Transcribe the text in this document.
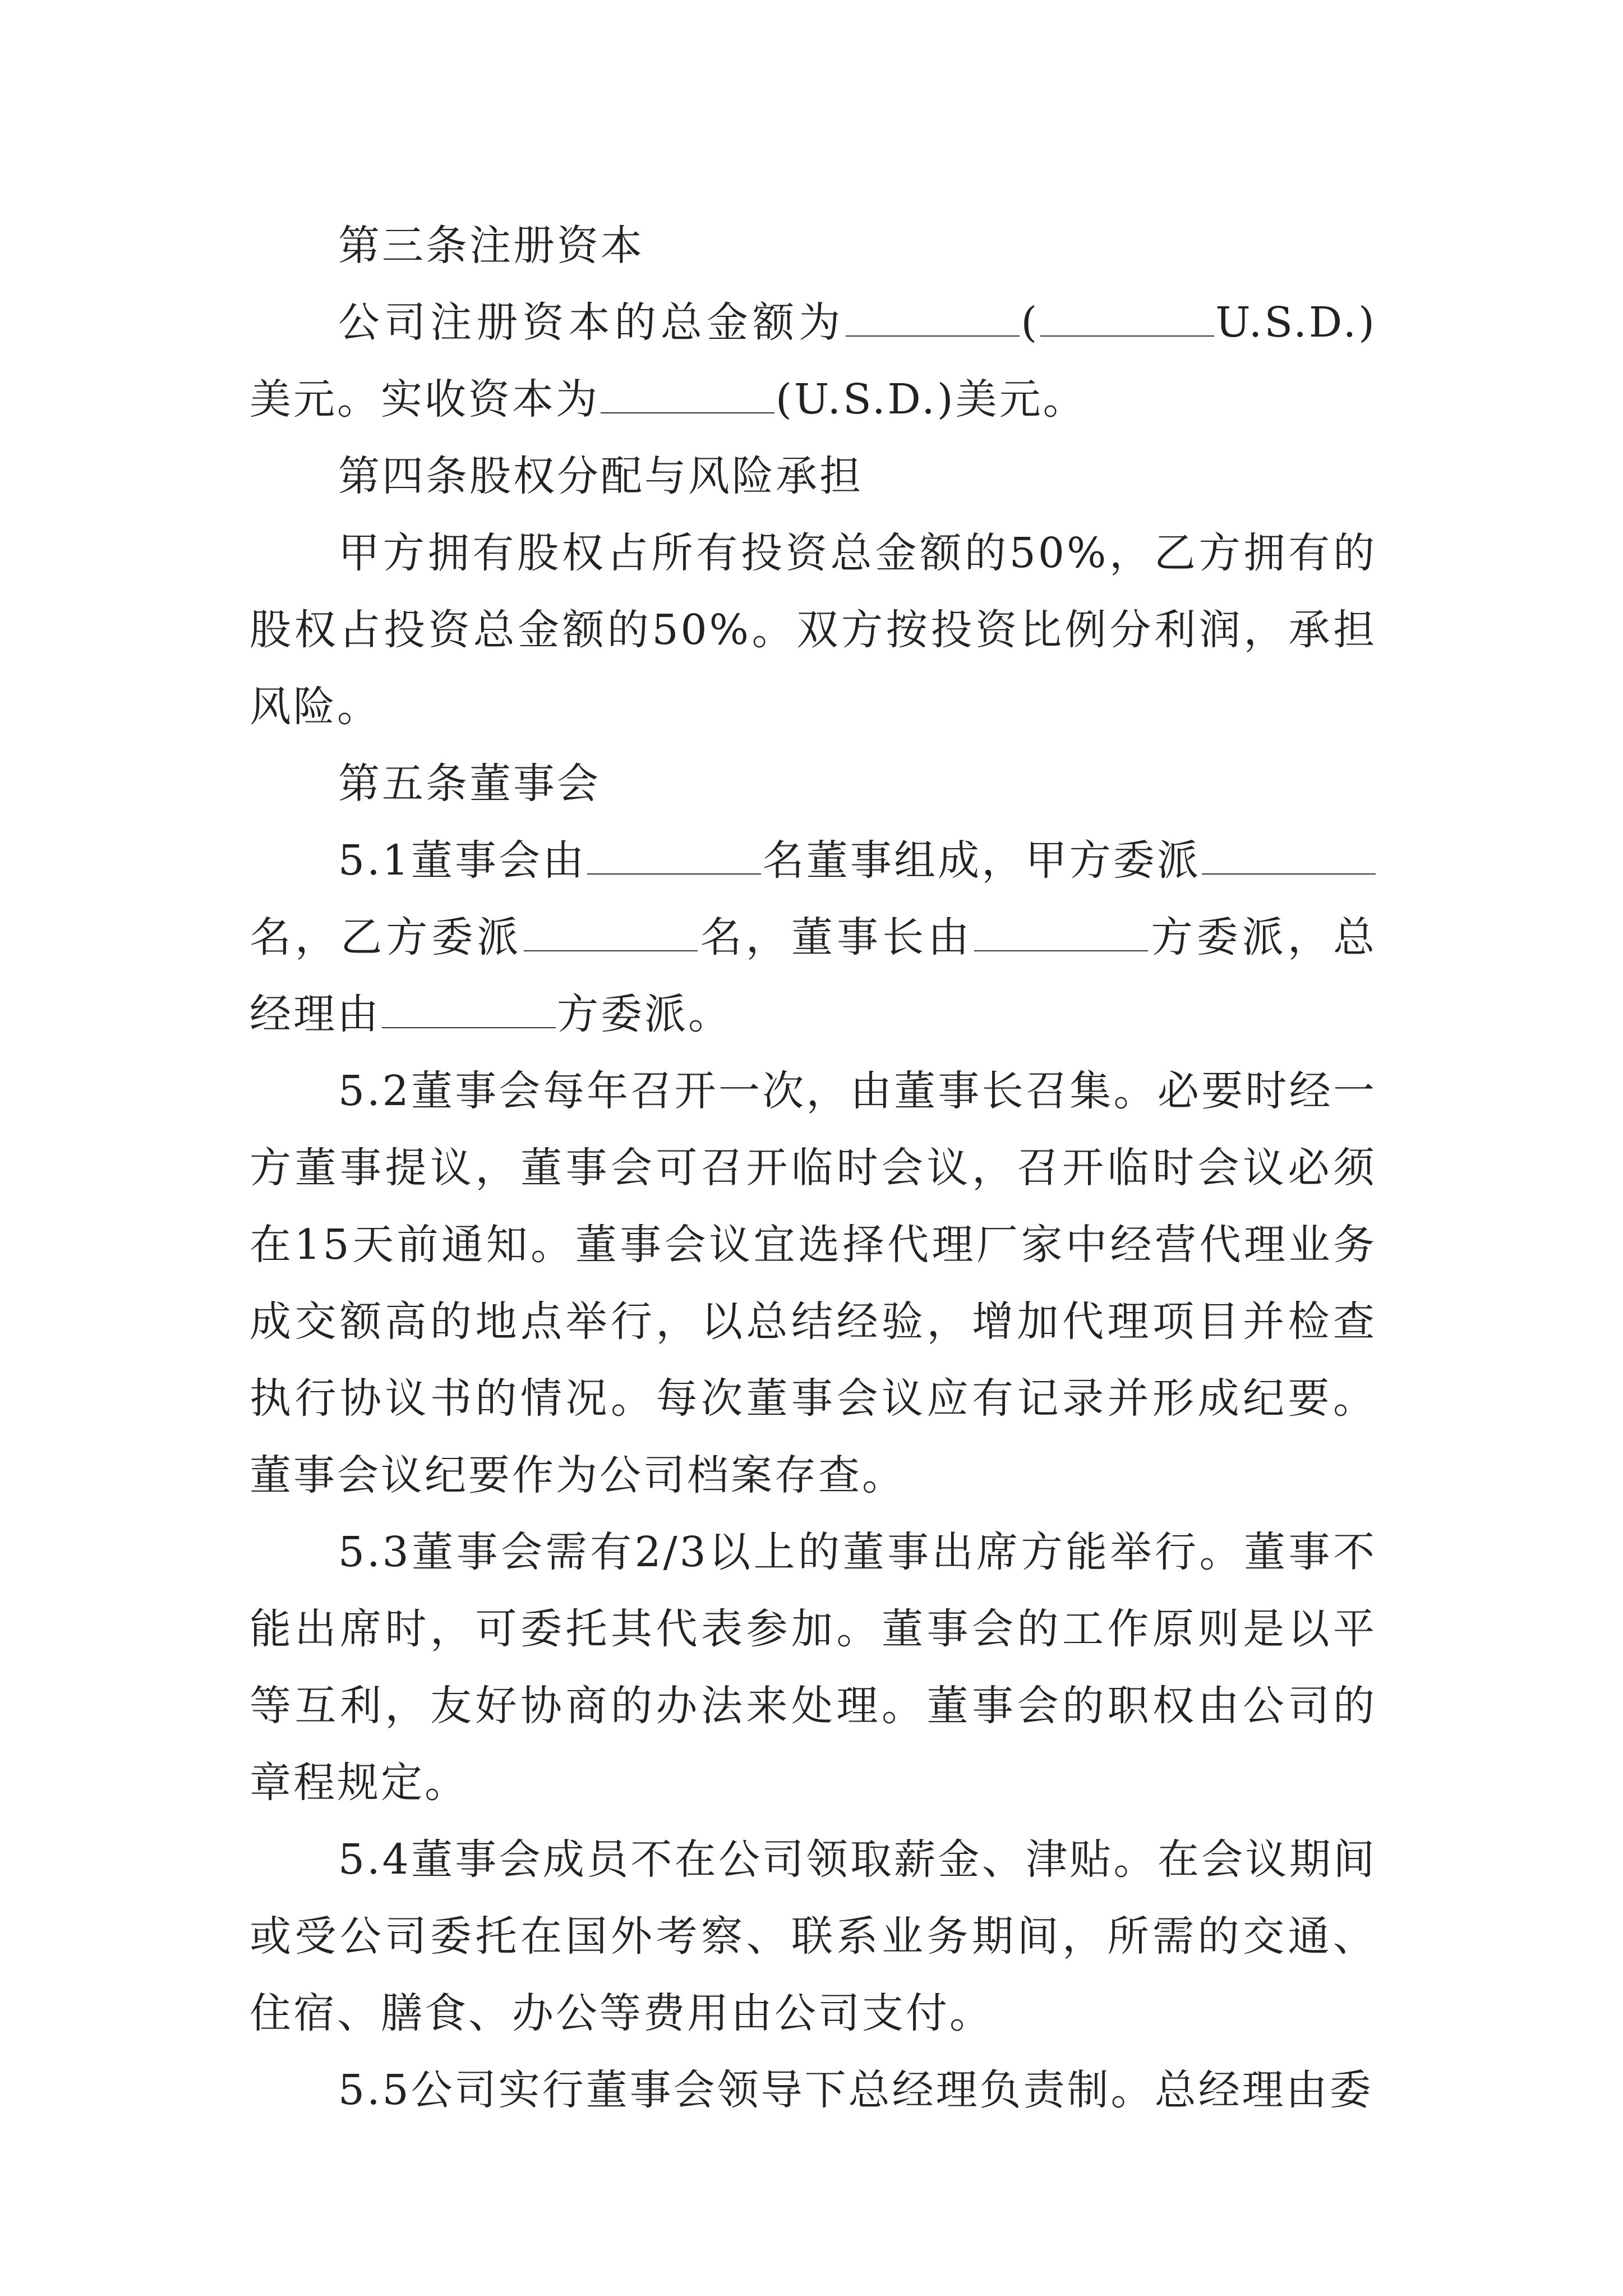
第三条注册资本

公司注册资本的总金额为	(	U.S.D.)美元。实收资本为	(U.S.D.)美元。

第四条股权分配与风险承担

甲方拥有股权占所有投资总金额的50%，乙方拥有的股权占投资总金额的50%。双方按投资比例分利润，承担风险。

第五条董事会

5.1董事会由	名董事组成，甲方委派名，乙方委派	名，董事长由	方委派，总经理由	方委派。

5.2董事会每年召开一次，由董事长召集。必要时经一方董事提议，董事会可召开临时会议，召开临时会议必须在15天前通知。董事会议宜选择代理厂家中经营代理业务成交额高的地点举行，以总结经验，增加代理项目并检查执行协议书的情况。每次董事会议应有记录并形成纪要。董事会议纪要作为公司档案存查。

5.3董事会需有2/3以上的董事出席方能举行。董事不能出席时，可委托其代表参加。董事会的工作原则是以平等互利，友好协商的办法来处理。董事会的职权由公司的章程规定。

5.4董事会成员不在公司领取薪金、津贴。在会议期间或受公司委托在国外考察、联系业务期间，所需的交通、住宿、膳食、办公等费用由公司支付。

5.5公司实行董事会领导下总经理负责制。总经理由委
